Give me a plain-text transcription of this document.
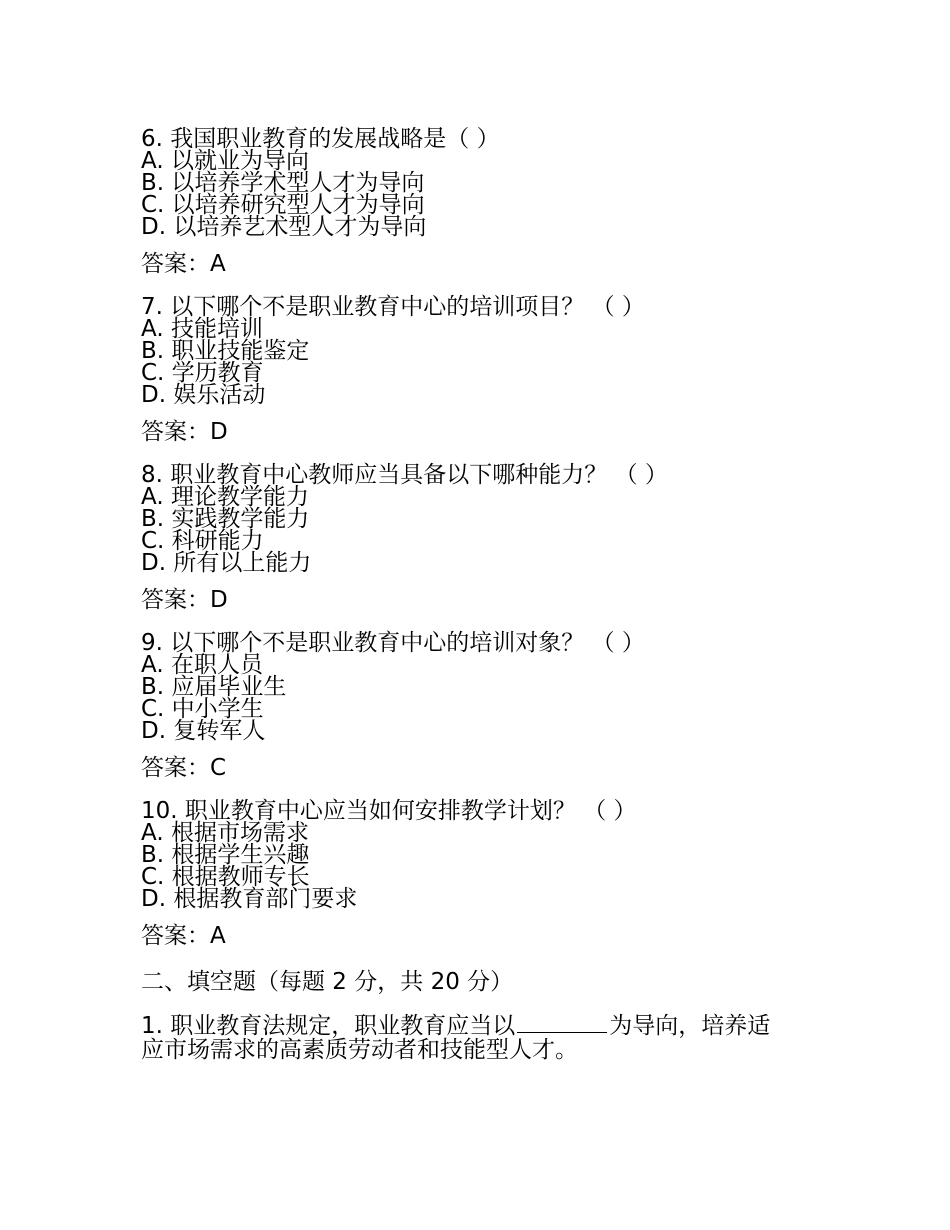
6. 我国职业教育的发展战略是（ ）
A. 以就业为导向
B. 以培养学术型人才为导向
C. 以培养研究型人才为导向
D. 以培养艺术型人才为导向
答案：A
7. 以下哪个不是职业教育中心的培训项目？ （ ）
A. 技能培训
B. 职业技能鉴定
C. 学历教育
D. 娱乐活动
答案：D
8. 职业教育中心教师应当具备以下哪种能力？ （ ）
A. 理论教学能力
B. 实践教学能力
C. 科研能力
D. 所有以上能力
答案：D
9. 以下哪个不是职业教育中心的培训对象？ （ ）
A. 在职人员
B. 应届毕业生
C. 中小学生
D. 复转军人
答案：C
10. 职业教育中心应当如何安排教学计划？ （ ）
A. 根据市场需求
B. 根据学生兴趣
C. 根据教师专长
D. 根据教育部门要求
答案：A
二、填空题（每题 2 分，共 20 分）
1. 职业教育法规定，职业教育应当以	为导向，培养适
应市场需求的高素质劳动者和技能型人才。
